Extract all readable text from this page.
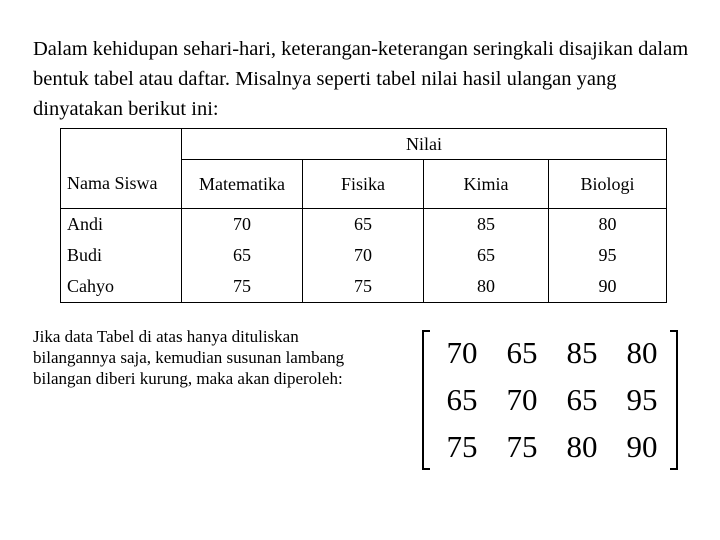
Dalam kehidupan sehari-hari, keterangan-keterangan seringkali disajikan dalam bentuk tabel atau daftar. Misalnya seperti tabel nilai hasil ulangan yang dinyatakan berikut ini:

	Nilai			
Nama Siswa	Matematika	Fisika	Kimia	Biologi
Andi	70	65	85	80
Budi	65	70	65	95
Cahyo	75	75	80	90

Jika data Tabel di atas hanya dituliskan bilangannya saja, kemudian susunan lambang bilangan diberi kurung, maka akan diperoleh:

70 65 85 80
65 70 65 95
75 75 80 90
